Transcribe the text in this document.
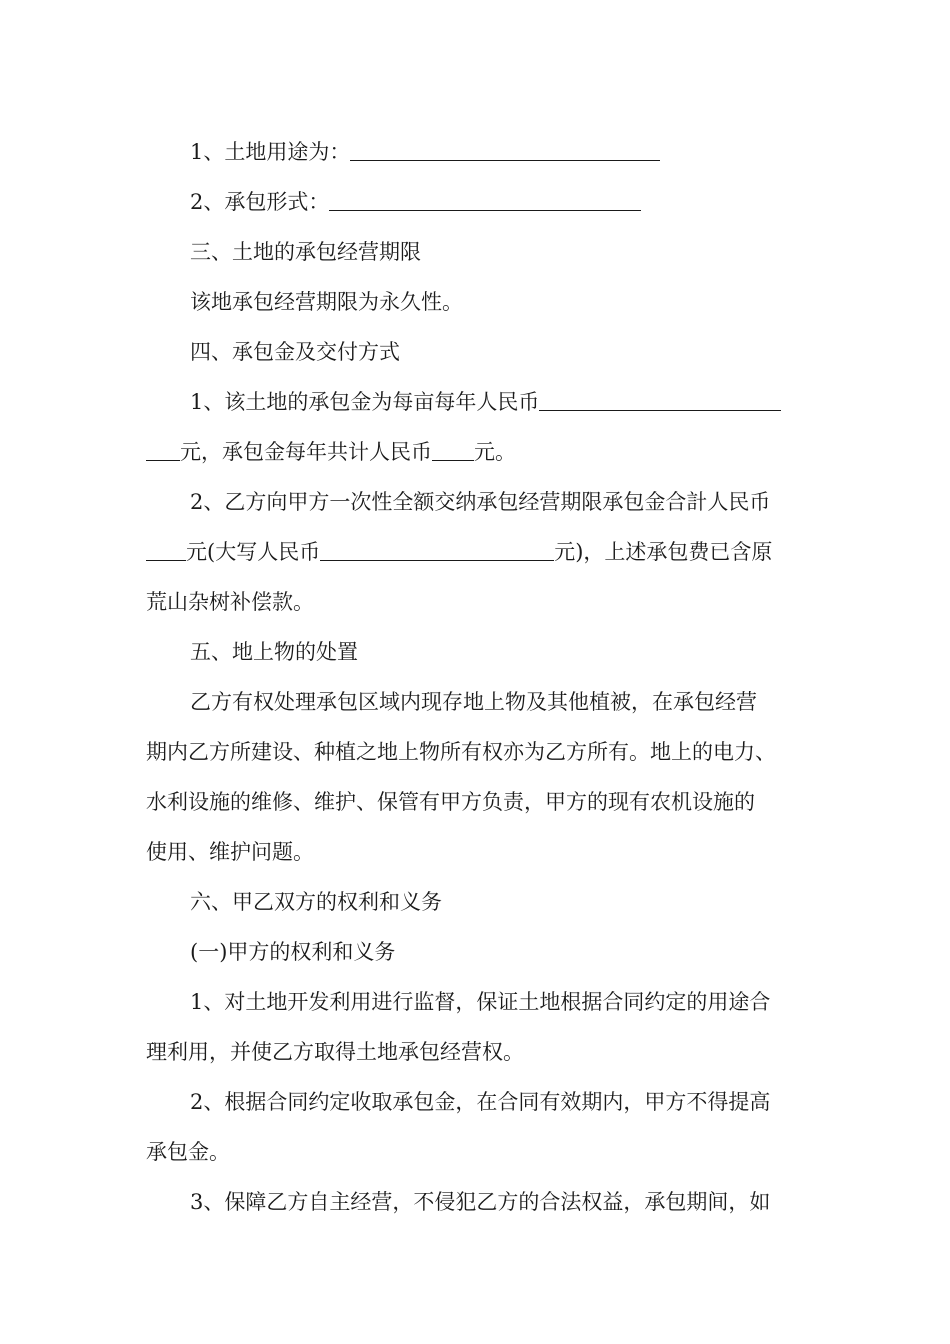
1、土地用途为：
2、承包形式：
三、土地的承包经营期限
该地承包经营期限为永久性。
四、承包金及交付方式
1、该土地的承包金为每亩每年人民币
元，承包金每年共计人民币 元。
2、乙方向甲方一次性全额交纳承包经营期限承包金合計人民币
元(大写人民币	元)，上述承包费已含原
荒山杂树补偿款。
五、地上物的处置
乙方有权处理承包区域内现存地上物及其他植被，在承包经营
期内乙方所建设、种植之地上物所有权亦为乙方所有。地上的电力、
水利设施的维修、维护、保管有甲方负责，甲方的现有农机设施的
使用、维护问题。
六、甲乙双方的权利和义务
(一)甲方的权利和义务
1、对土地开发利用进行监督，保证土地根据合同约定的用途合
理利用，并使乙方取得土地承包经营权。
2、根据合同约定收取承包金，在合同有效期内，甲方不得提高
承包金。
3、保障乙方自主经营，不侵犯乙方的合法权益，承包期间，如
